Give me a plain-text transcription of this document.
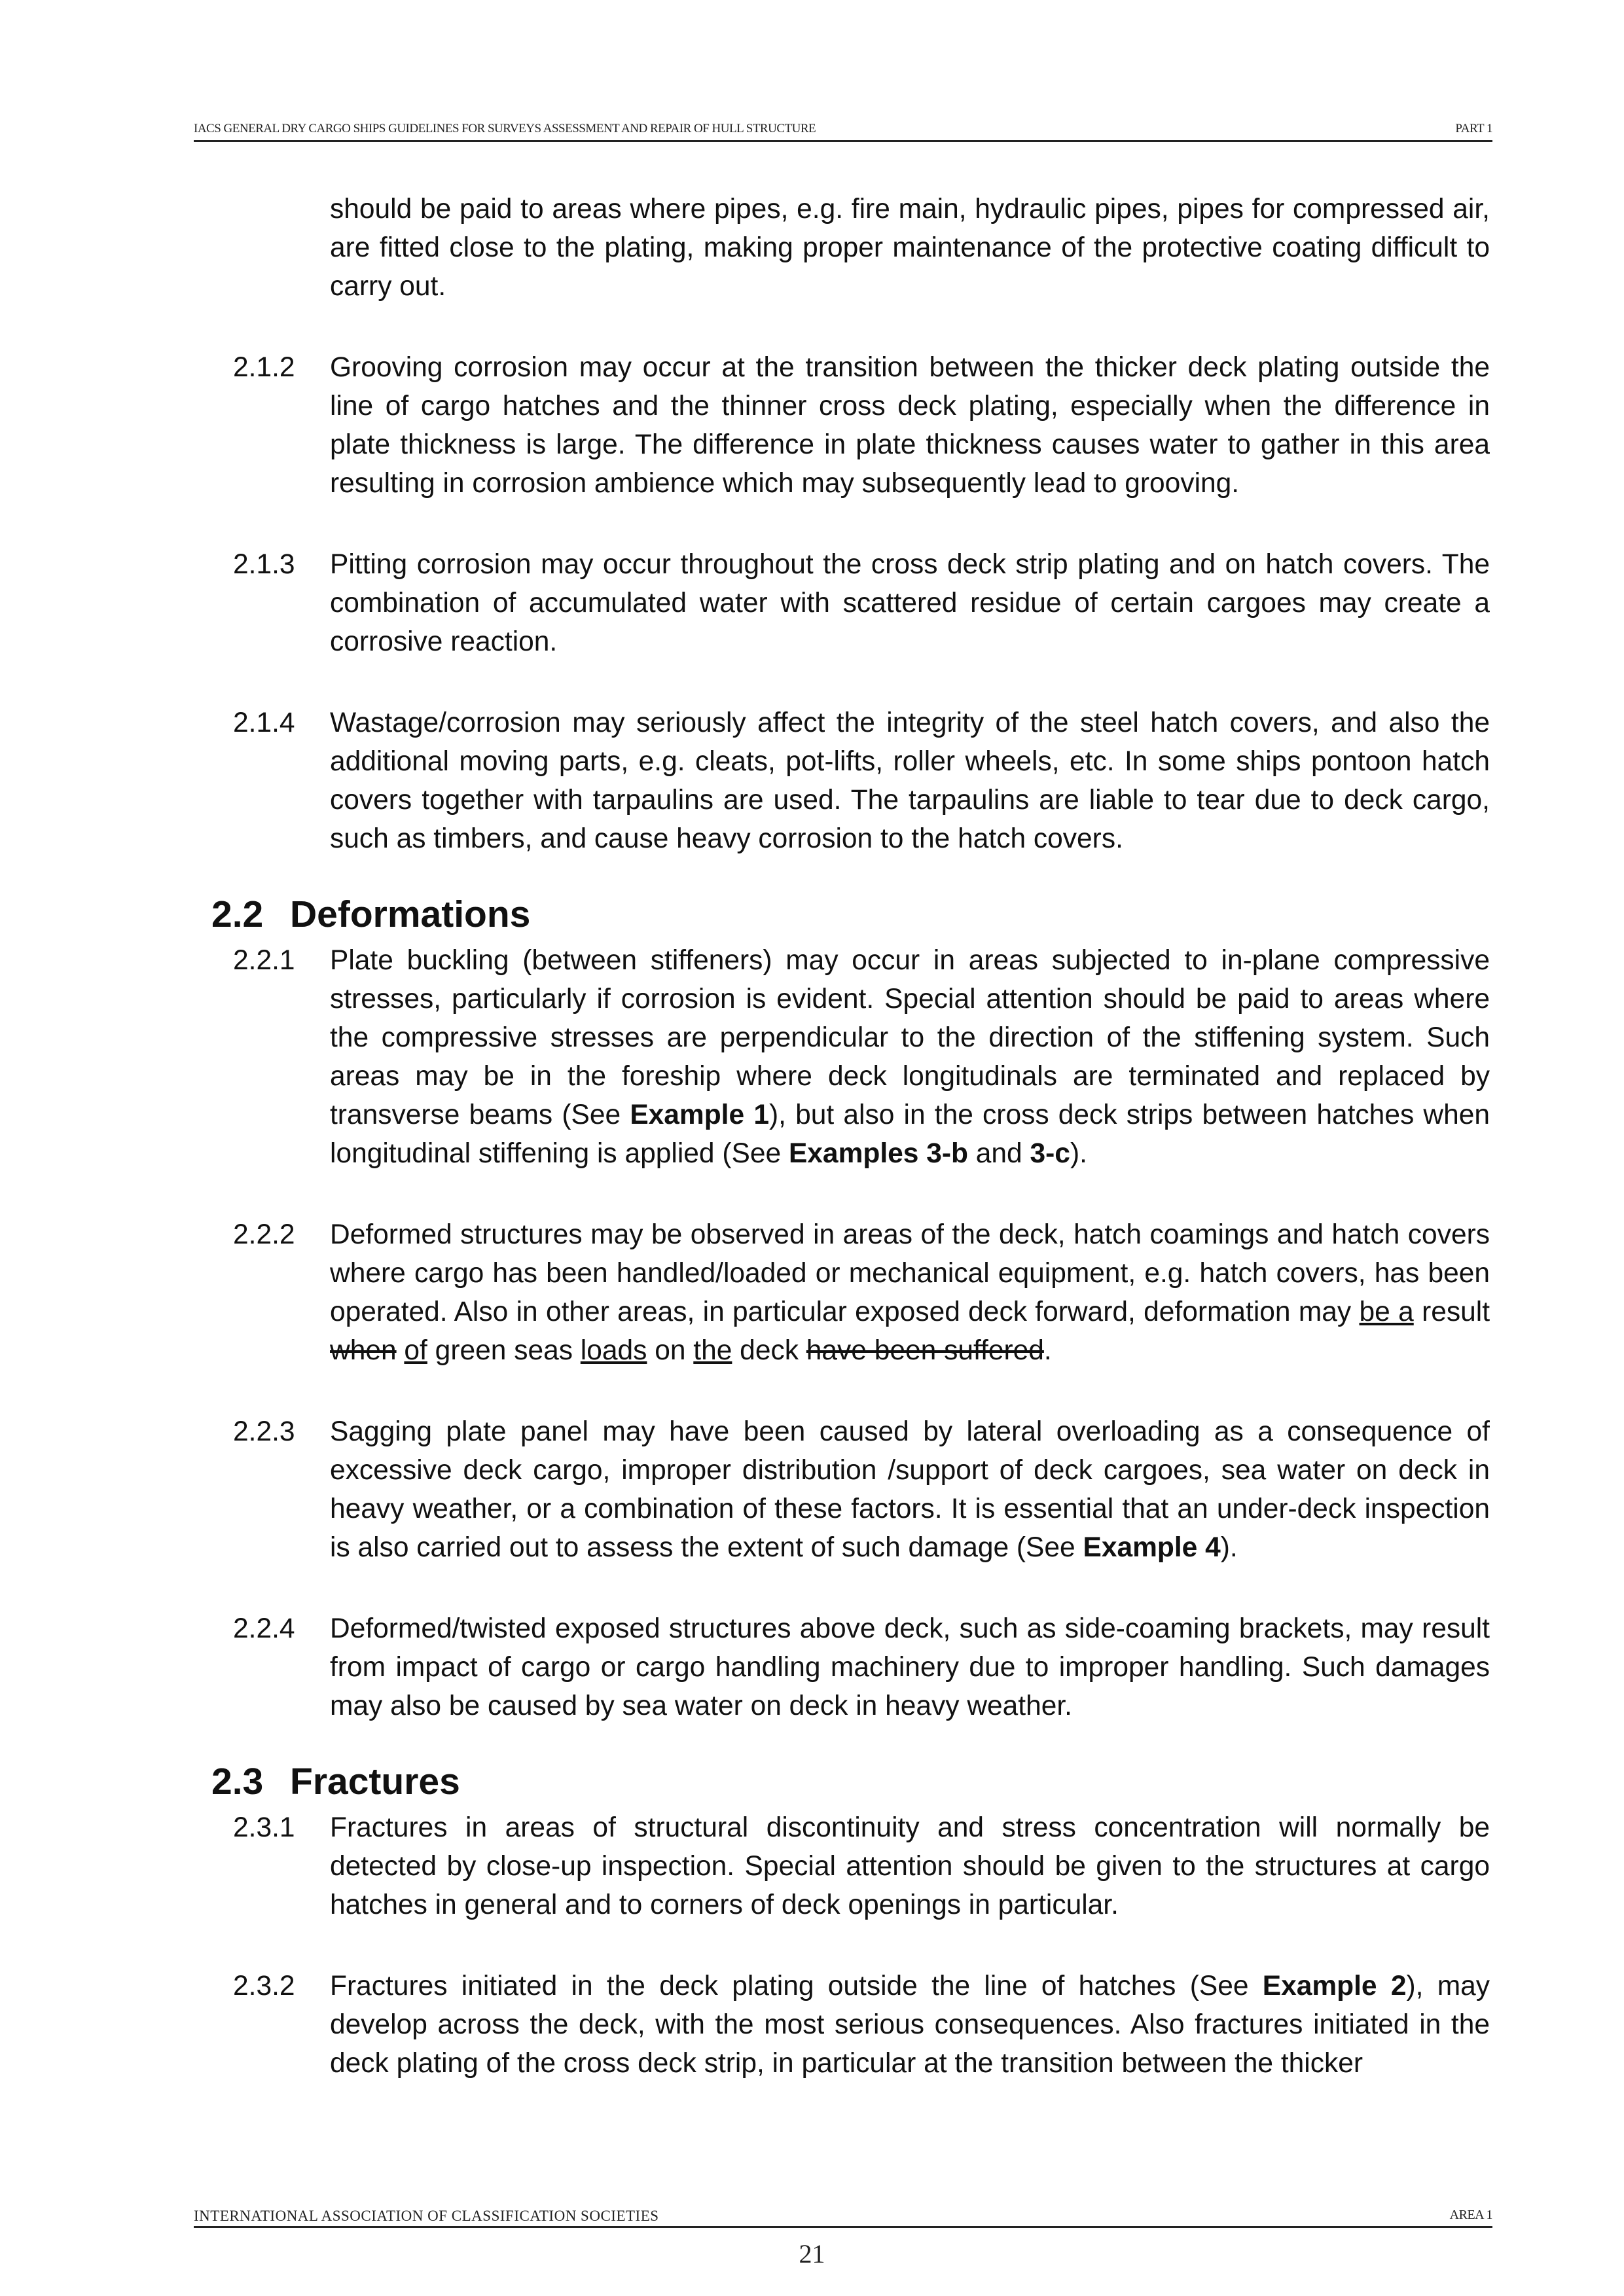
IACS GENERAL DRY CARGO SHIPS GUIDELINES FOR SURVEYS ASSESSMENT AND REPAIR OF HULL STRUCTURE	PART 1
should be paid to areas where pipes, e.g. fire main, hydraulic pipes, pipes for compressed air, are fitted close to the plating, making proper maintenance of the protective coating difficult to carry out.
2.1.2 Grooving corrosion may occur at the transition between the thicker deck plating outside the line of cargo hatches and the thinner cross deck plating, especially when the difference in plate thickness is large. The difference in plate thickness causes water to gather in this area resulting in corrosion ambience which may subsequently lead to grooving.
2.1.3 Pitting corrosion may occur throughout the cross deck strip plating and on hatch covers. The combination of accumulated water with scattered residue of certain cargoes may create a corrosive reaction.
2.1.4 Wastage/corrosion may seriously affect the integrity of the steel hatch covers, and also the additional moving parts, e.g. cleats, pot-lifts, roller wheels, etc. In some ships pontoon hatch covers together with tarpaulins are used. The tarpaulins are liable to tear due to deck cargo, such as timbers, and cause heavy corrosion to the hatch covers.
2.2 Deformations
2.2.1 Plate buckling (between stiffeners) may occur in areas subjected to in-plane compressive stresses, particularly if corrosion is evident. Special attention should be paid to areas where the compressive stresses are perpendicular to the direction of the stiffening system. Such areas may be in the foreship where deck longitudinals are terminated and replaced by transverse beams (See Example 1), but also in the cross deck strips between hatches when longitudinal stiffening is applied (See Examples 3-b and 3-c).
2.2.2 Deformed structures may be observed in areas of the deck, hatch coamings and hatch covers where cargo has been handled/loaded or mechanical equipment, e.g. hatch covers, has been operated. Also in other areas, in particular exposed deck forward, deformation may be a result when of green seas loads on the deck have been suffered.
2.2.3 Sagging plate panel may have been caused by lateral overloading as a consequence of excessive deck cargo, improper distribution /support of deck cargoes, sea water on deck in heavy weather, or a combination of these factors. It is essential that an under-deck inspection is also carried out to assess the extent of such damage (See Example 4).
2.2.4 Deformed/twisted exposed structures above deck, such as side-coaming brackets, may result from impact of cargo or cargo handling machinery due to improper handling. Such damages may also be caused by sea water on deck in heavy weather.
2.3 Fractures
2.3.1 Fractures in areas of structural discontinuity and stress concentration will normally be detected by close-up inspection. Special attention should be given to the structures at cargo hatches in general and to corners of deck openings in particular.
2.3.2 Fractures initiated in the deck plating outside the line of hatches (See Example 2), may develop across the deck, with the most serious consequences. Also fractures initiated in the deck plating of the cross deck strip, in particular at the transition between the thicker
INTERNATIONAL ASSOCIATION OF CLASSIFICATION SOCIETIES	AREA 1
21
